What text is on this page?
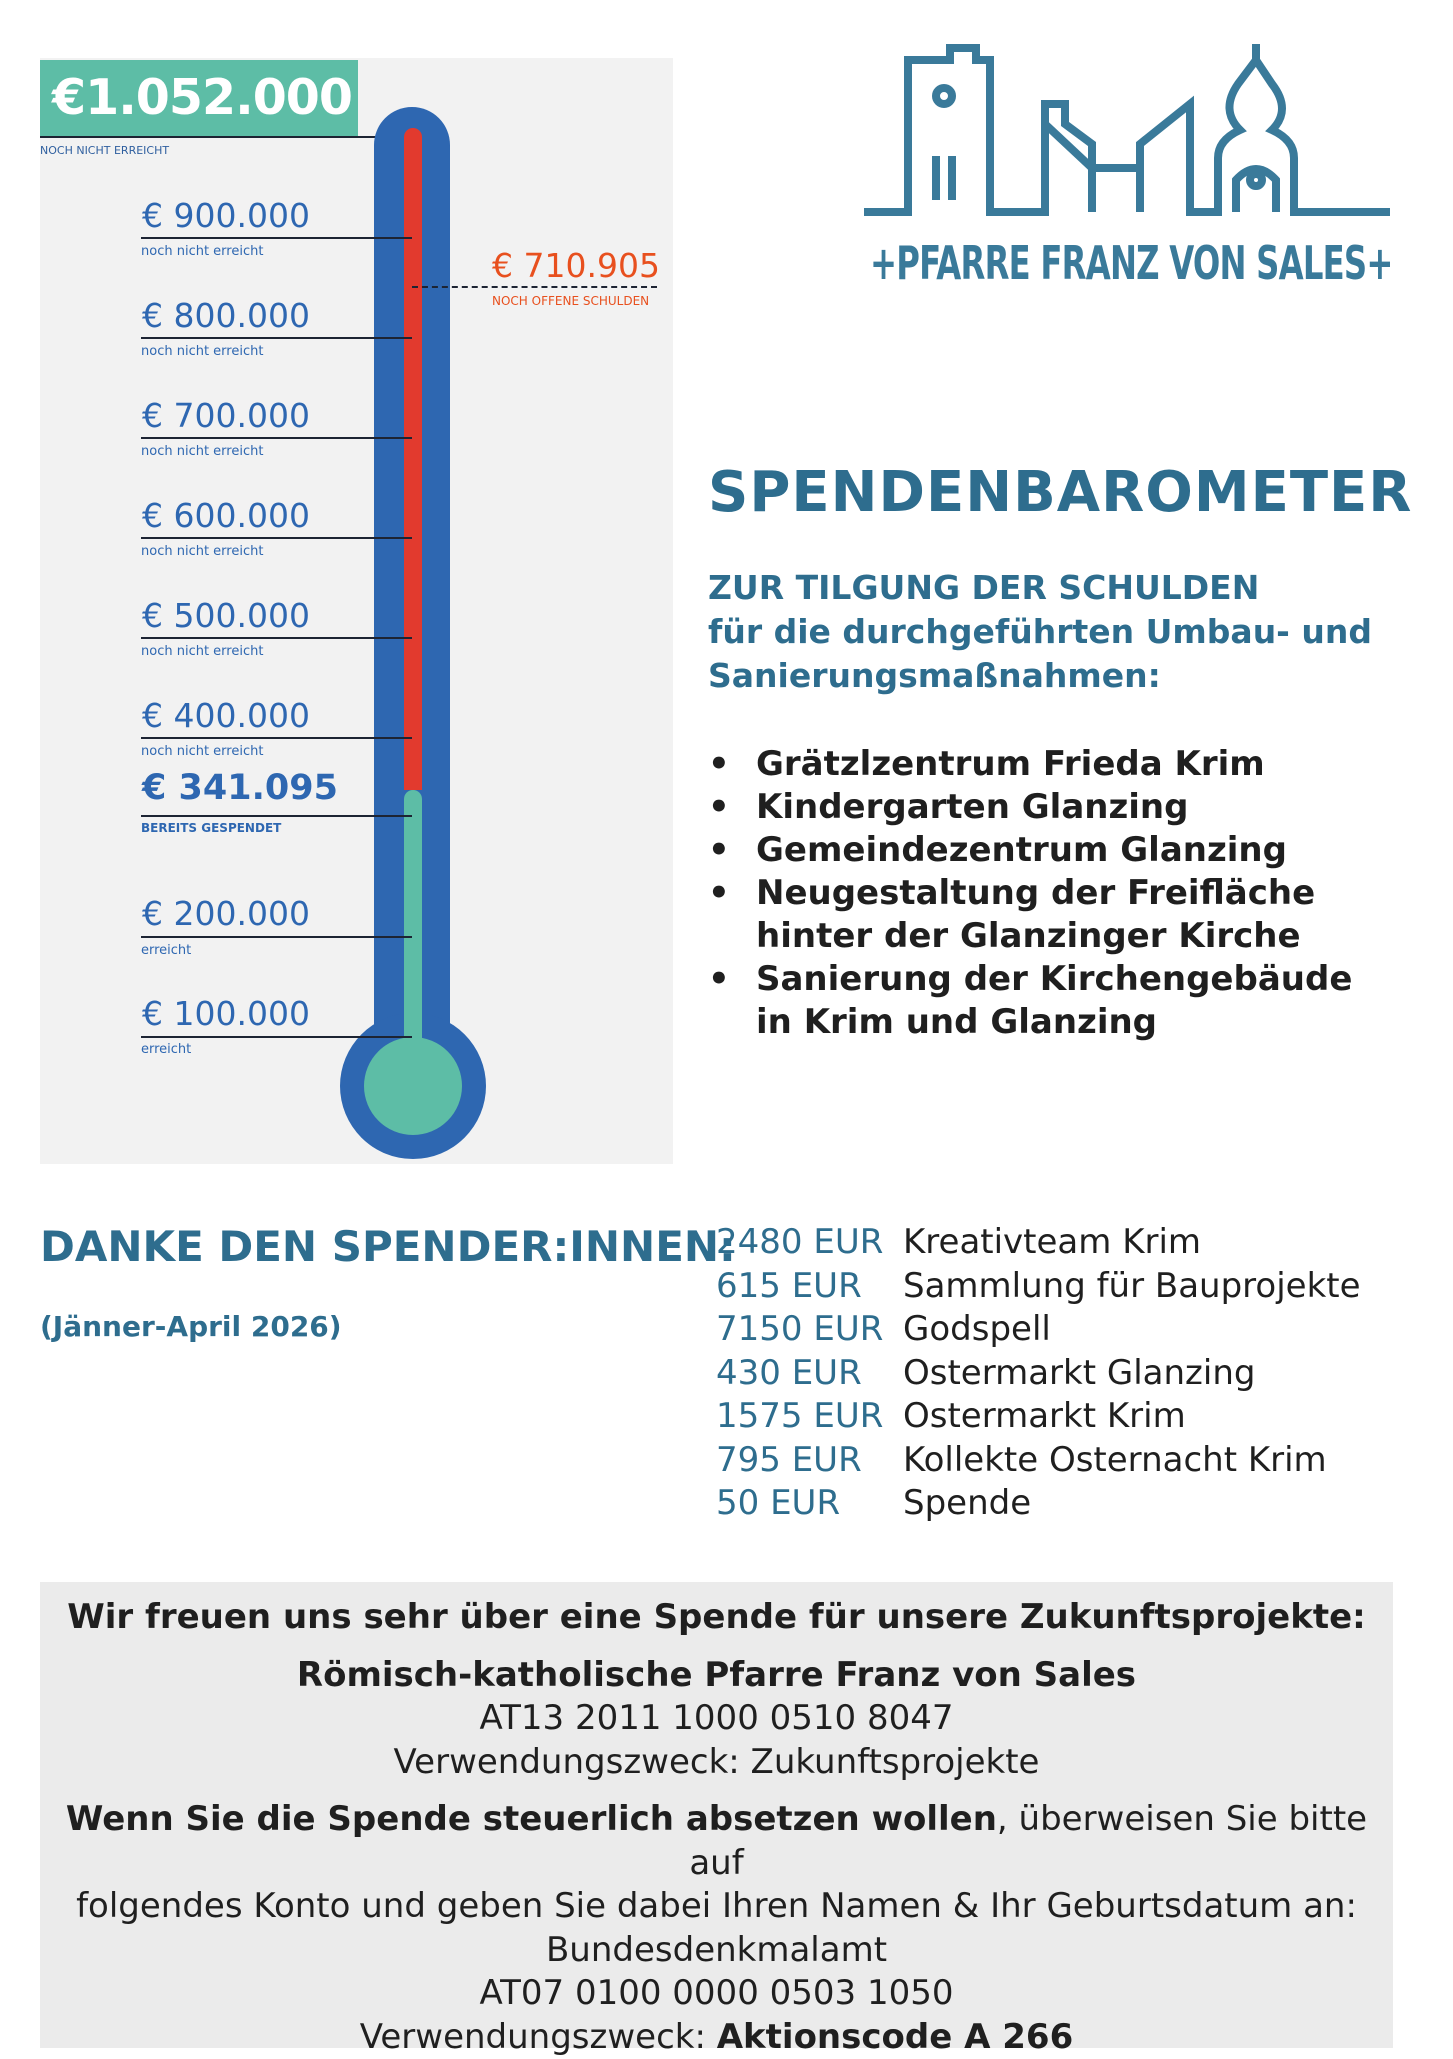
€1.052.000
NOCH NICHT ERREICHT
€ 900.000
noch nicht erreicht
€ 800.000
noch nicht erreicht
€ 700.000
noch nicht erreicht
€ 600.000
noch nicht erreicht
€ 500.000
noch nicht erreicht
€ 400.000
noch nicht erreicht
€ 341.095
BEREITS GESPENDET
€ 200.000
erreicht
€ 100.000
erreicht
€ 710.905
NOCH OFFENE SCHULDEN
+PFARRE FRANZ VON SALES+
SPENDENBAROMETER
ZUR TILGUNG DER SCHULDEN
für die durchgeführten Umbau- und
Sanierungsmaßnahmen:
• Grätzlzentrum Frieda Krim
• Kindergarten Glanzing
• Gemeindezentrum Glanzing
• Neugestaltung der Freifläche hinter der Glanzinger Kirche
• Sanierung der Kirchengebäude in Krim und Glanzing
DANKE DEN SPENDER:INNEN:
(Jänner-April 2026)
2480 EUR Kreativteam Krim
615 EUR Sammlung für Bauprojekte
7150 EUR Godspell
430 EUR Ostermarkt Glanzing
1575 EUR Ostermarkt Krim
795 EUR Kollekte Osternacht Krim
50 EUR Spende
Wir freuen uns sehr über eine Spende für unsere Zukunftsprojekte:
Römisch-katholische Pfarre Franz von Sales
AT13 2011 1000 0510 8047
Verwendungszweck: Zukunftsprojekte
Wenn Sie die Spende steuerlich absetzen wollen, überweisen Sie bitte auf
folgendes Konto und geben Sie dabei Ihren Namen & Ihr Geburtsdatum an:
Bundesdenkmalamt
AT07 0100 0000 0503 1050
Verwendungszweck: Aktionscode A 266
